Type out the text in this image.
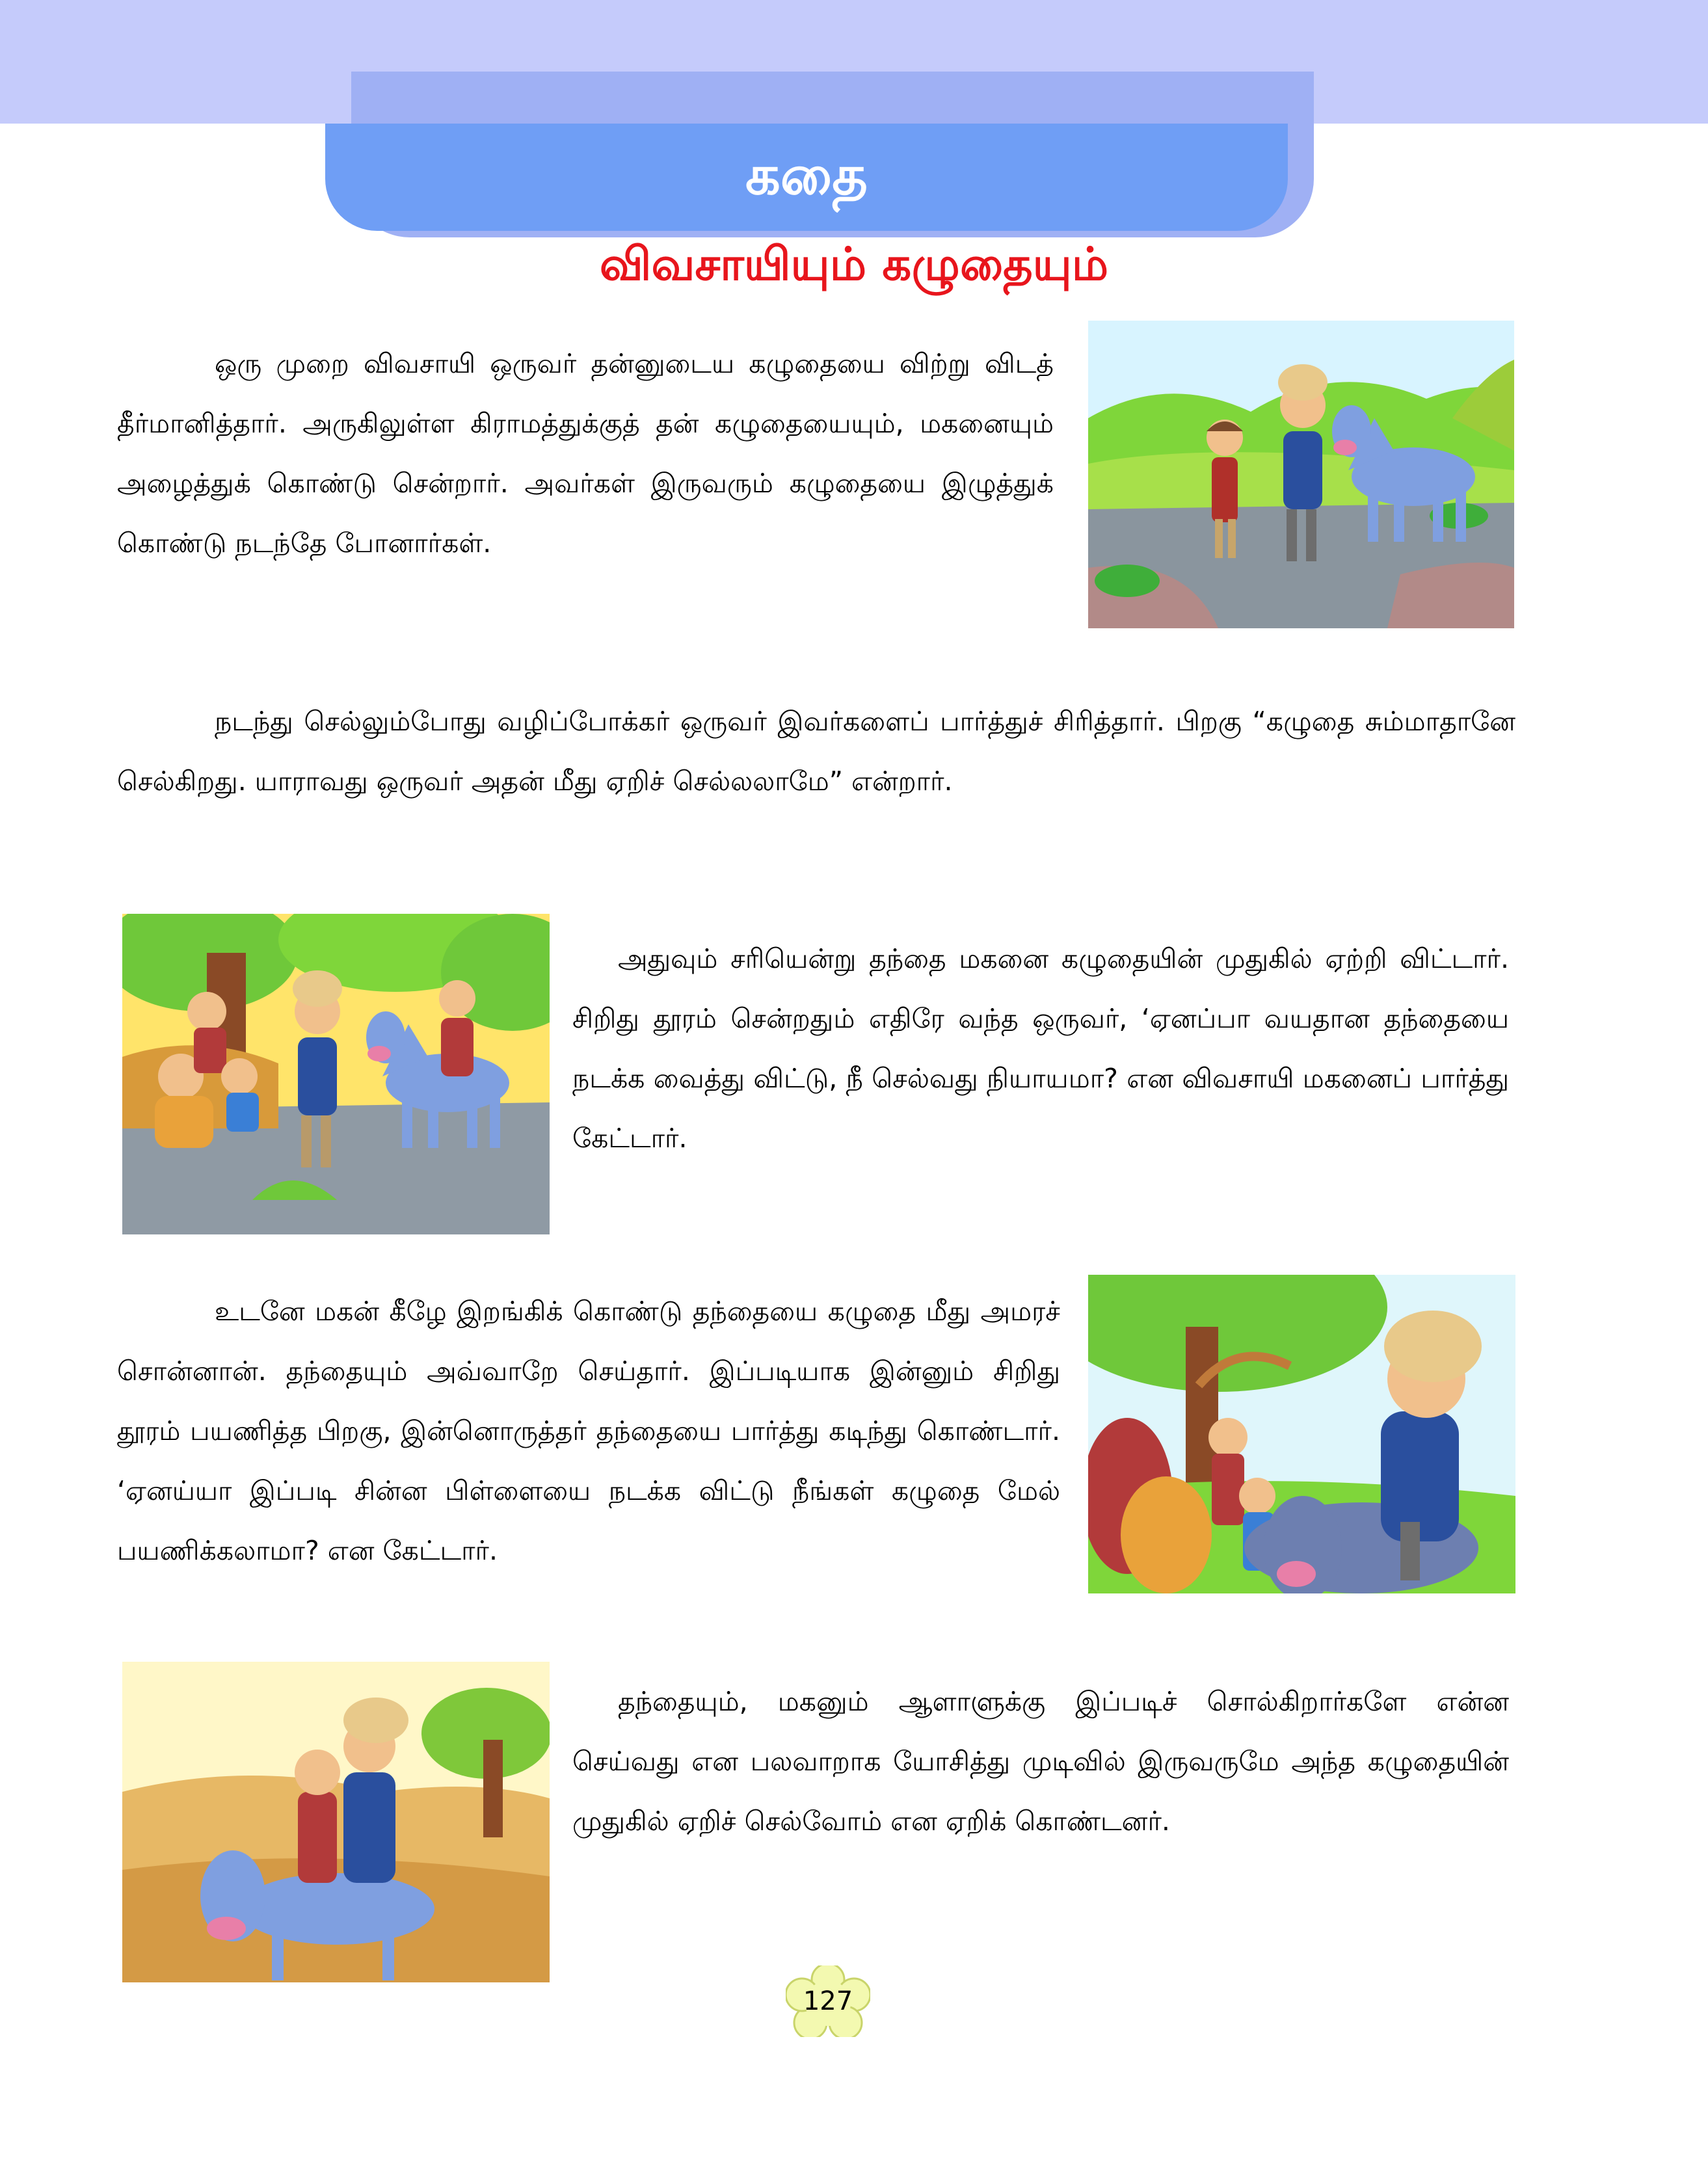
கதை
விவசாயியும் கழுதையும்

ஒரு முறை விவசாயி ஒருவர் தன்னுடைய கழுதையை விற்று விடத் தீர்மானித்தார். அருகிலுள்ள கிராமத்துக்குத் தன் கழுதையையும், மகனையும் அழைத்துக் கொண்டு சென்றார். அவர்கள் இருவரும் கழுதையை இழுத்துக் கொண்டு நடந்தே போனார்கள்.

நடந்து செல்லும்போது வழிப்போக்கர் ஒருவர் இவர்களைப் பார்த்துச் சிரித்தார். பிறகு “கழுதை சும்மாதானே செல்கிறது. யாராவது ஒருவர் அதன் மீது ஏறிச் செல்லலாமே” என்றார்.

அதுவும் சரியென்று தந்தை மகனை கழுதையின் முதுகில் ஏற்றி விட்டார். சிறிது தூரம் சென்றதும் எதிரே வந்த ஒருவர், ‘ஏனப்பா வயதான தந்தையை நடக்க வைத்து விட்டு, நீ செல்வது நியாயமா? என விவசாயி மகனைப் பார்த்து கேட்டார்.

உடனே மகன் கீழே இறங்கிக் கொண்டு தந்தையை கழுதை மீது அமரச் சொன்னான். தந்தையும் அவ்வாறே செய்தார். இப்படியாக இன்னும் சிறிது தூரம் பயணித்த பிறகு, இன்னொருத்தர் தந்தையை பார்த்து கடிந்து கொண்டார். ‘ஏனய்யா இப்படி சின்ன பிள்ளையை நடக்க விட்டு நீங்கள் கழுதை மேல் பயணிக்கலாமா? என கேட்டார்.

தந்தையும், மகனும் ஆளாளுக்கு இப்படிச் சொல்கிறார்களே என்ன செய்வது என பலவாறாக யோசித்து முடிவில் இருவருமே அந்த கழுதையின் முதுகில் ஏறிச் செல்வோம் என ஏறிக் கொண்டனர்.

127
